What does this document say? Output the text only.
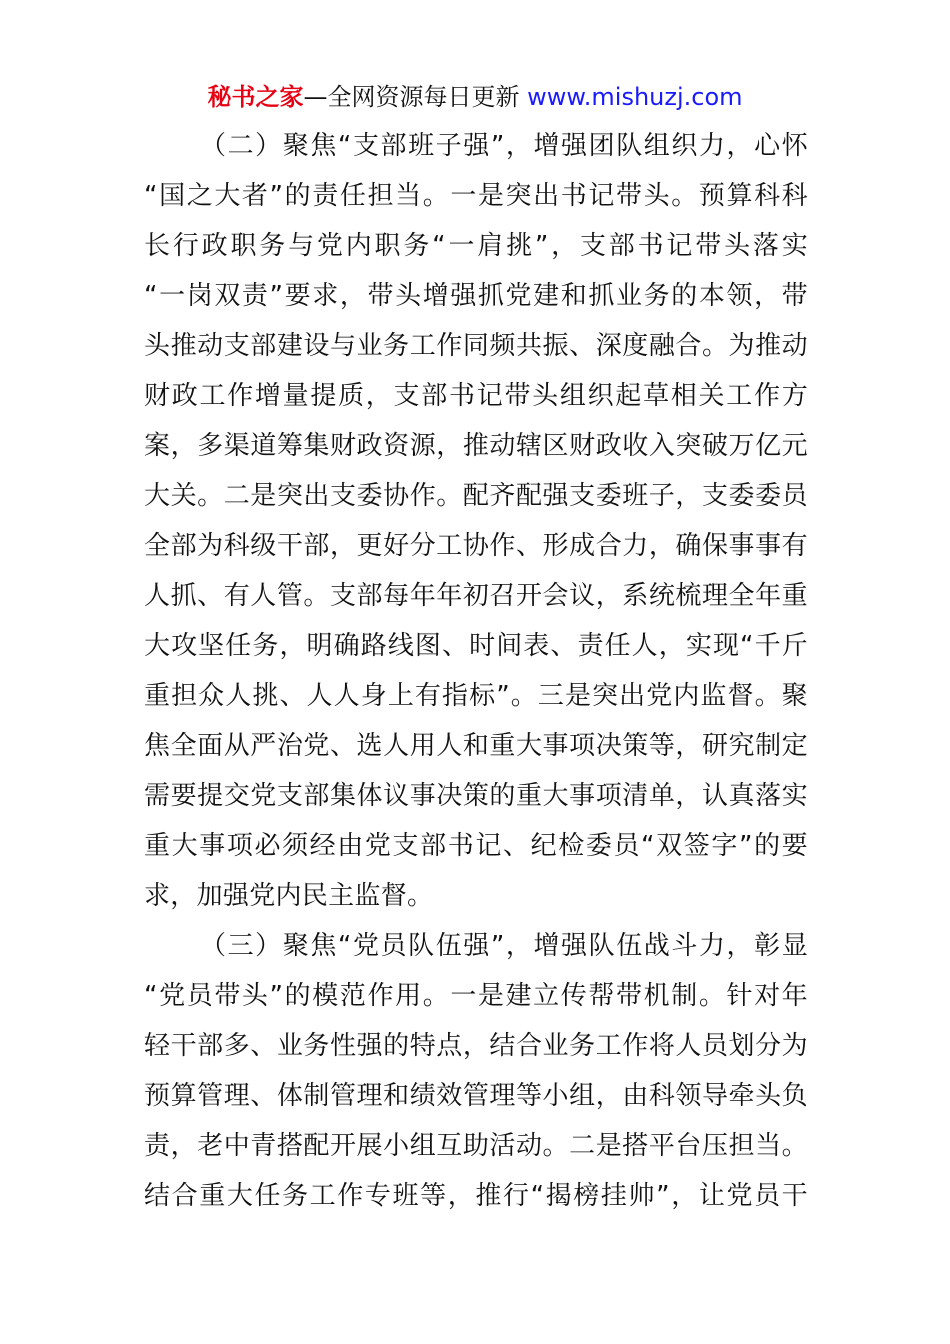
秘书之家—全网资源每日更新 www.mishuzj.com
（二）聚焦“支部班子强”，增强团队组织力，心怀
“国之大者”的责任担当。一是突出书记带头。预算科科
长行政职务与党内职务“一肩挑”，支部书记带头落实
“一岗双责”要求，带头增强抓党建和抓业务的本领，带
头推动支部建设与业务工作同频共振、深度融合。为推动
财政工作增量提质，支部书记带头组织起草相关工作方
案，多渠道筹集财政资源，推动辖区财政收入突破万亿元
大关。二是突出支委协作。配齐配强支委班子，支委委员
全部为科级干部，更好分工协作、形成合力，确保事事有
人抓、有人管。支部每年年初召开会议，系统梳理全年重
大攻坚任务，明确路线图、时间表、责任人，实现“千斤
重担众人挑、人人身上有指标”。三是突出党内监督。聚
焦全面从严治党、选人用人和重大事项决策等，研究制定
需要提交党支部集体议事决策的重大事项清单，认真落实
重大事项必须经由党支部书记、纪检委员“双签字”的要
求，加强党内民主监督。
（三）聚焦“党员队伍强”，增强队伍战斗力，彰显
“党员带头”的模范作用。一是建立传帮带机制。针对年
轻干部多、业务性强的特点，结合业务工作将人员划分为
预算管理、体制管理和绩效管理等小组，由科领导牵头负
责，老中青搭配开展小组互助活动。二是搭平台压担当。
结合重大任务工作专班等，推行“揭榜挂帅”，让党员干
